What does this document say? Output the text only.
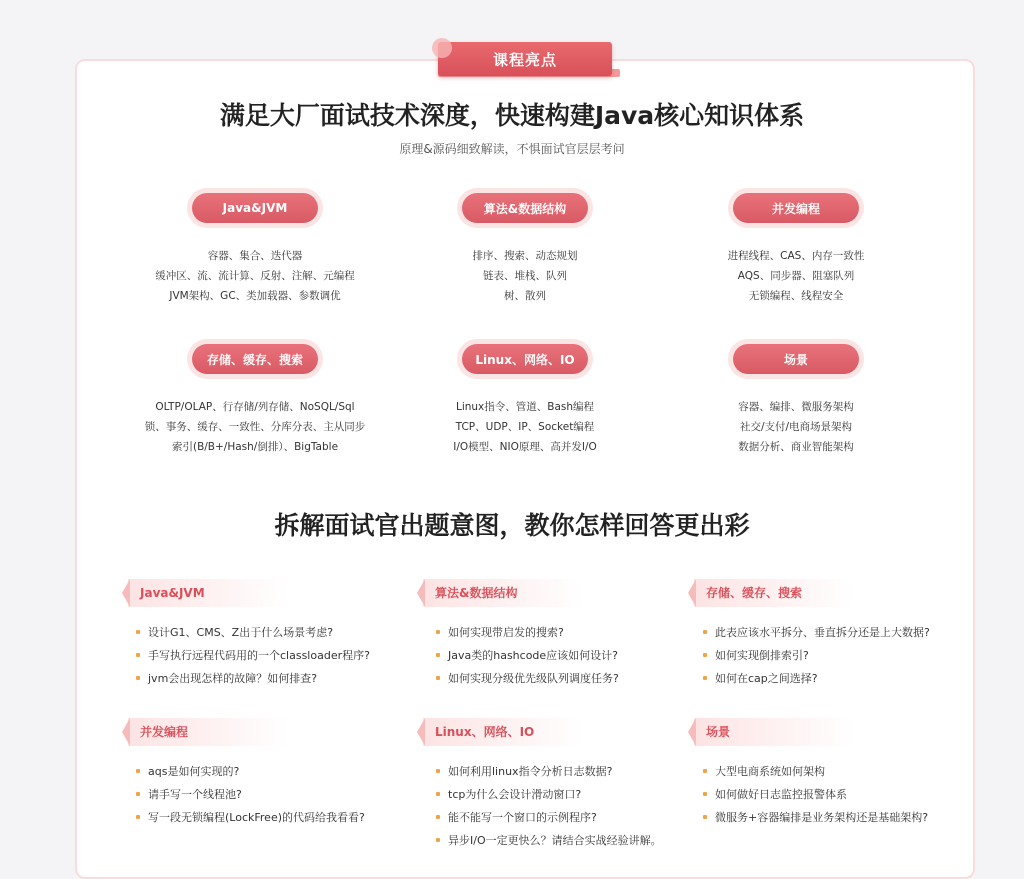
课程亮点
满足大厂面试技术深度，快速构建Java核心知识体系
原理&源码细致解读，不惧面试官层层考问
Java&JVM
容器、集合、迭代器
缓冲区、流、流计算、反射、注解、元编程
JVM架构、GC、类加载器、参数调优
算法&数据结构
排序、搜索、动态规划
链表、堆栈、队列
树、散列
并发编程
进程线程、CAS、内存一致性
AQS、同步器、阻塞队列
无锁编程、线程安全
存储、缓存、搜索
OLTP/OLAP、行存储/列存储、NoSQL/Sql
锁、事务、缓存、一致性、分库分表、主从同步
索引(B/B+/Hash/倒排）、BigTable
Linux、网络、IO
Linux指令、管道、Bash编程
TCP、UDP、IP、Socket编程
I/O模型、NIO原理、高并发I/O
场景
容器、编排、微服务架构
社交/支付/电商场景架构
数据分析、商业智能架构
拆解面试官出题意图，教你怎样回答更出彩
Java&JVM
设计G1、CMS、Z出于什么场景考虑?
手写执行远程代码用的一个classloader程序?
jvm会出现怎样的故障？如何排查?
算法&数据结构
如何实现带启发的搜索?
Java类的hashcode应该如何设计?
如何实现分级优先级队列调度任务?
存储、缓存、搜索
此表应该水平拆分、垂直拆分还是上大数据?
如何实现倒排索引?
如何在cap之间选择?
并发编程
aqs是如何实现的?
请手写一个线程池?
写一段无锁编程(LockFree)的代码给我看看?
Linux、网络、IO
如何利用linux指令分析日志数据?
tcp为什么会设计滑动窗口?
能不能写一个窗口的示例程序?
异步I/O一定更快么？请结合实战经验讲解。
场景
大型电商系统如何架构
如何做好日志监控报警体系
微服务+容器编排是业务架构还是基础架构?
